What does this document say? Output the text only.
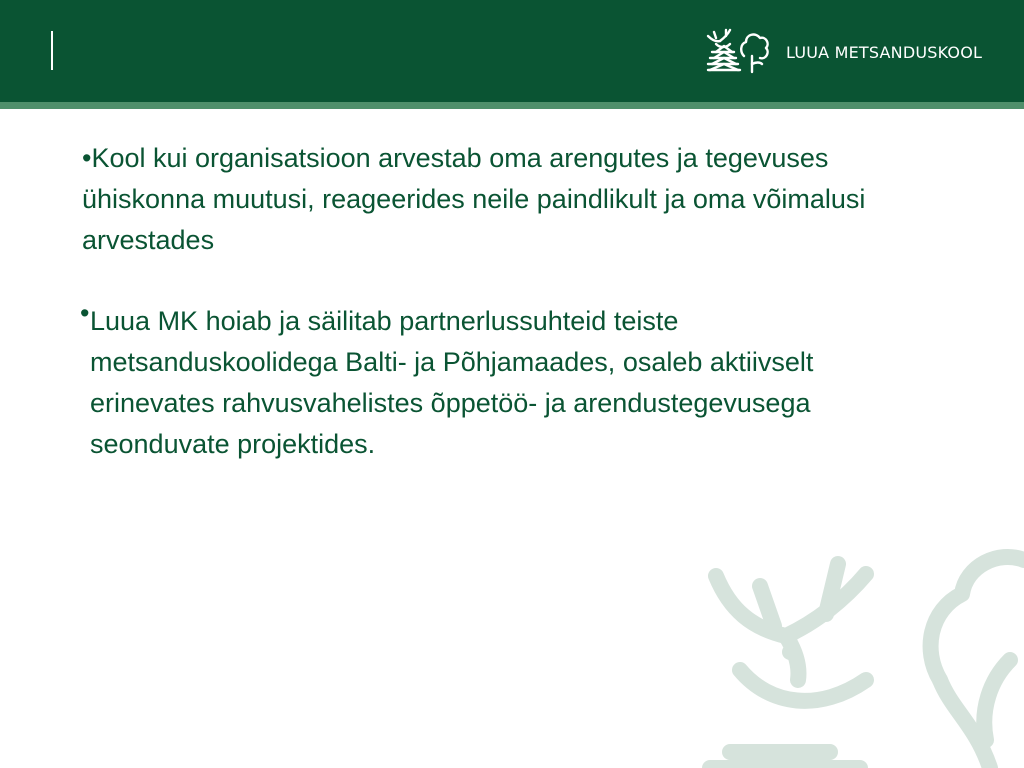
LUUA METSANDUSKOOL
•Kool kui organisatsioon arvestab oma arengutes ja tegevuses ühiskonna muutusi, reageerides neile paindlikult ja oma võimalusi arvestades
• Luua MK hoiab ja säilitab partnerlussuhteid teiste metsanduskoolidega Balti- ja Põhjamaades, osaleb aktiivselt erinevates rahvusvahelistes õppetöö- ja arendustegevusega seonduvate projektides.
